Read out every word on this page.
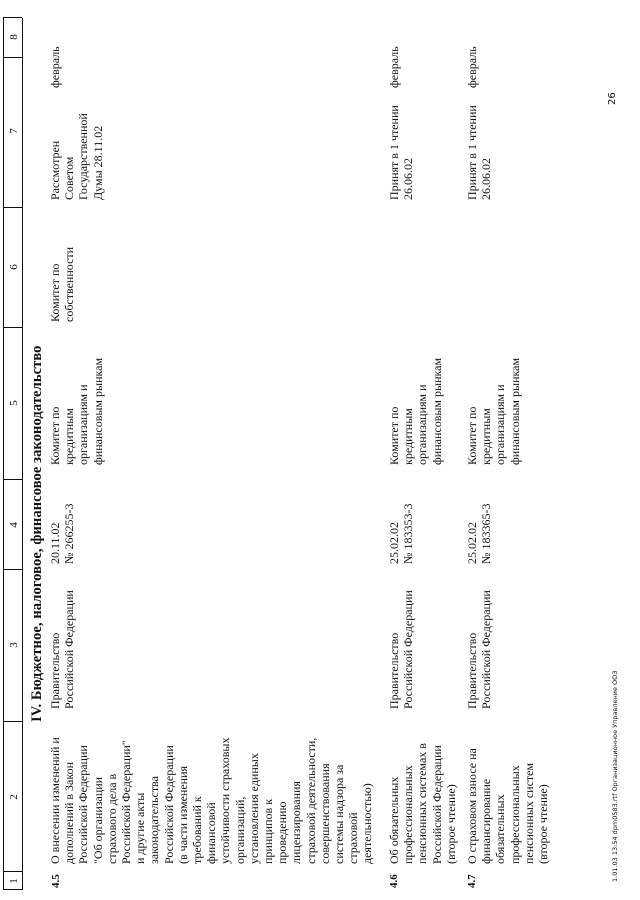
1
2
3
4
5
6
7
8
IV. Бюджетное, налоговое, финансовое законодательство
4.5
О внесении изменений и
дополнений в Закон
Российской Федерации
"Об организации
страхового дела в
Российской Федерации"
и другие акты
законодательства
Российской Федерации
(в части изменения
требований к
финансовой
устойчивости страховых
организаций,
установления единых
принципов к
проведению
лицензирования
страховой деятельности,
совершенствования
системы надзора за
страховой
деятельностью)
Правительство
Российской Федерации
20.11.02
№ 266255-3
Комитет по
кредитным
организациям и
финансовым рынкам
Комитет по
собственности
Рассмотрен
Советом
Государственной
Думы 28.11.02
февраль
4.6
Об обязательных
профессиональных
пенсионных системах в
Российской Федерации
(второе чтение)
Правительство
Российской Федерации
25.02.02
№ 183353-3
Комитет по
кредитным
организациям и
финансовым рынкам
Принят в 1 чтении
26.06.02
февраль
4.7
О страховом взносе на
финансирование
обязательных
профессиональных
пенсионных систем
(второе чтение)
Правительство
Российской Федерации
25.02.02
№ 183365-3
Комитет по
кредитным
организациям и
финансовым рынкам
Принят в 1 чтении
26.06.02
февраль
1.01.03 13:54 dpm0583.rtf Организационное Управление ООЗ
26
